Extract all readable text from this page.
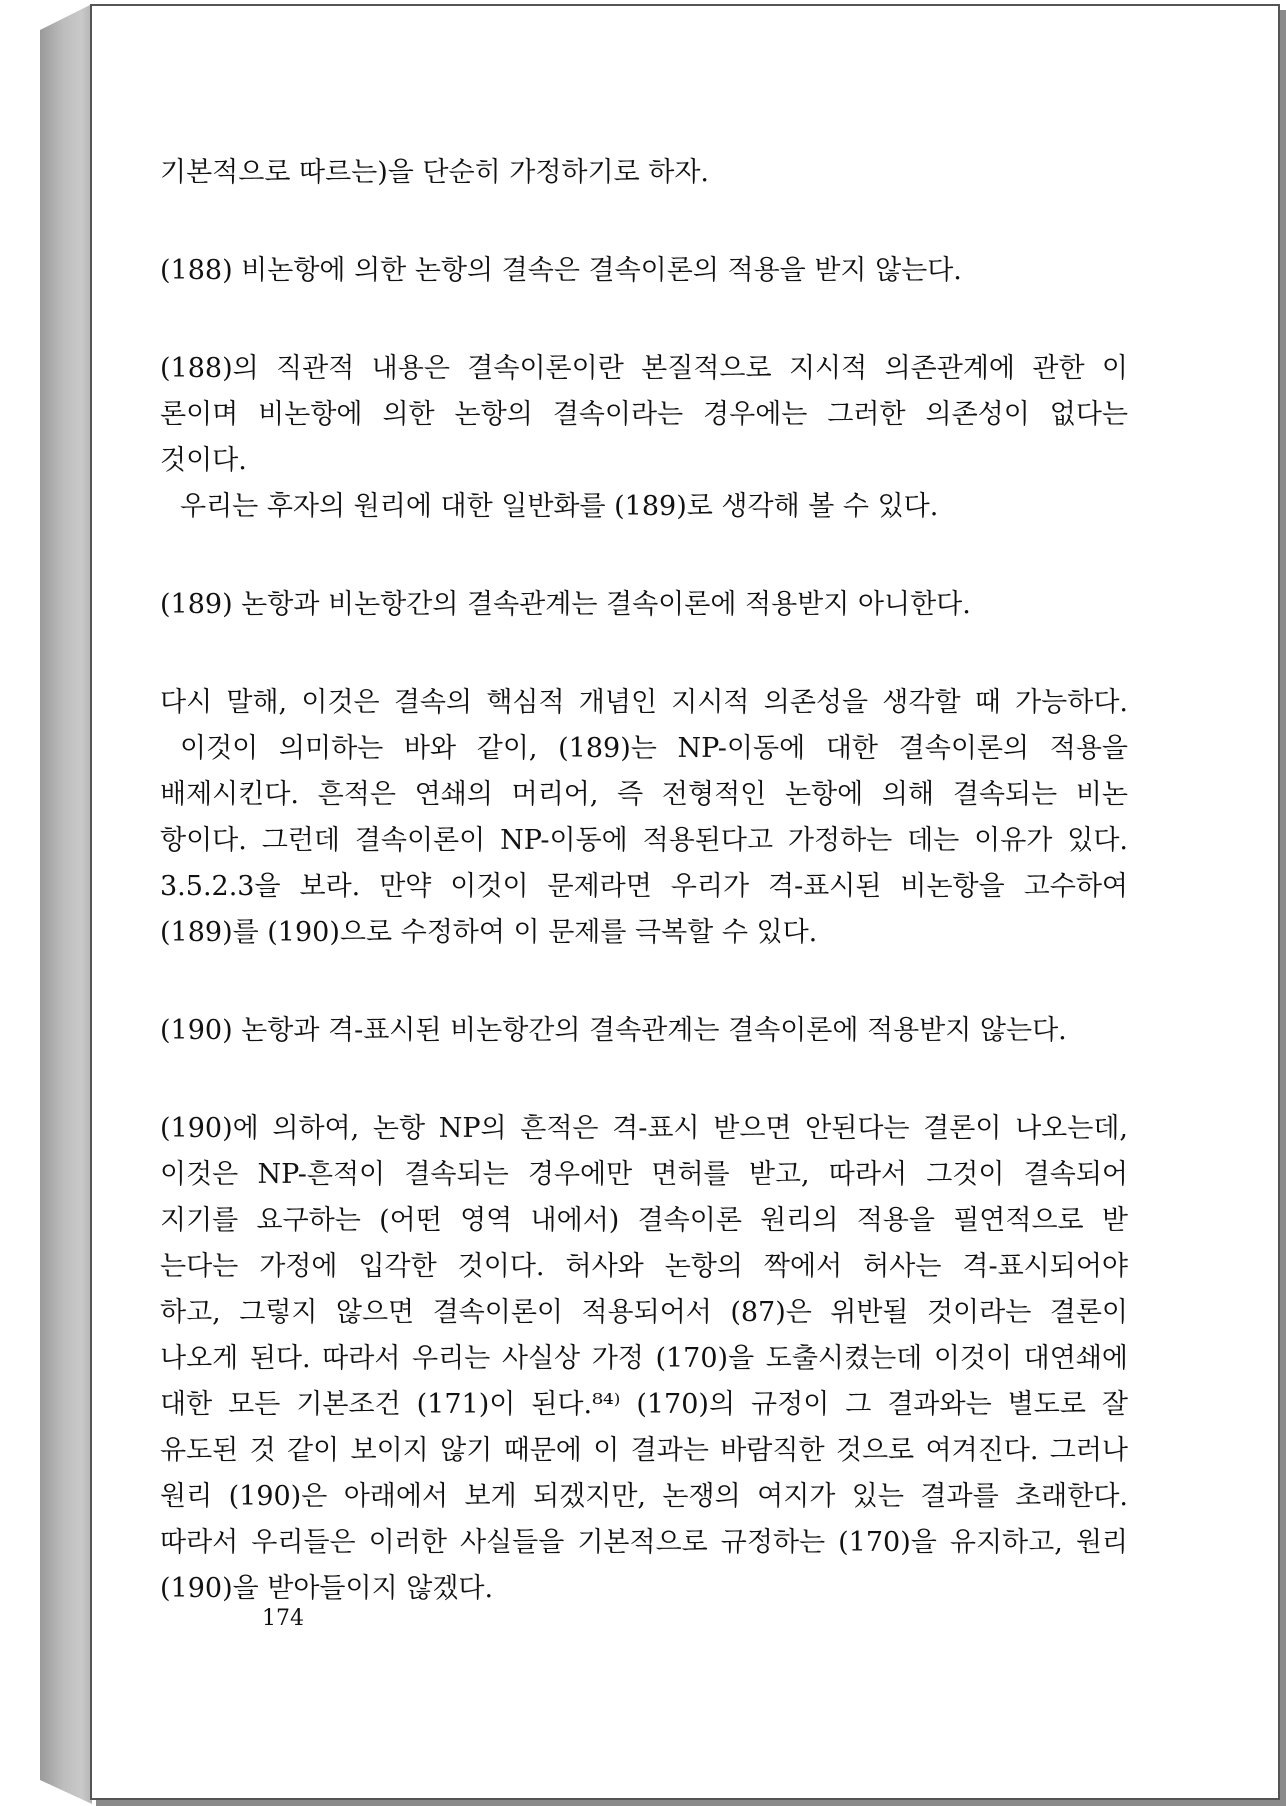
기본적으로 따르는)을 단순히 가정하기로 하자.
(188) 비논항에 의한 논항의 결속은 결속이론의 적용을 받지 않는다.
(188)의 직관적 내용은 결속이론이란 본질적으로 지시적 의존관계에 관한 이
론이며 비논항에 의한 논항의 결속이라는 경우에는 그러한 의존성이 없다는
것이다.
우리는 후자의 원리에 대한 일반화를 (189)로 생각해 볼 수 있다.
(189) 논항과 비논항간의 결속관계는 결속이론에 적용받지 아니한다.
다시 말해, 이것은 결속의 핵심적 개념인 지시적 의존성을 생각할 때 가능하다.
이것이 의미하는 바와 같이, (189)는 NP-이동에 대한 결속이론의 적용을
배제시킨다. 흔적은 연쇄의 머리어, 즉 전형적인 논항에 의해 결속되는 비논
항이다. 그런데 결속이론이 NP-이동에 적용된다고 가정하는 데는 이유가 있다.
3.5.2.3을 보라. 만약 이것이 문제라면 우리가 격-표시된 비논항을 고수하여
(189)를 (190)으로 수정하여 이 문제를 극복할 수 있다.
(190) 논항과 격-표시된 비논항간의 결속관계는 결속이론에 적용받지 않는다.
(190)에 의하여, 논항 NP의 흔적은 격-표시 받으면 안된다는 결론이 나오는데,
이것은 NP-흔적이 결속되는 경우에만 면허를 받고, 따라서 그것이 결속되어
지기를 요구하는 (어떤 영역 내에서) 결속이론 원리의 적용을 필연적으로 받
는다는 가정에 입각한 것이다. 허사와 논항의 짝에서 허사는 격-표시되어야
하고, 그렇지 않으면 결속이론이 적용되어서 (87)은 위반될 것이라는 결론이
나오게 된다. 따라서 우리는 사실상 가정 (170)을 도출시켰는데 이것이 대연쇄에
대한 모든 기본조건 (171)이 된다.⁸⁴⁾ (170)의 규정이 그 결과와는 별도로 잘
유도된 것 같이 보이지 않기 때문에 이 결과는 바람직한 것으로 여겨진다. 그러나
원리 (190)은 아래에서 보게 되겠지만, 논쟁의 여지가 있는 결과를 초래한다.
따라서 우리들은 이러한 사실들을 기본적으로 규정하는 (170)을 유지하고, 원리
(190)을 받아들이지 않겠다.
174
